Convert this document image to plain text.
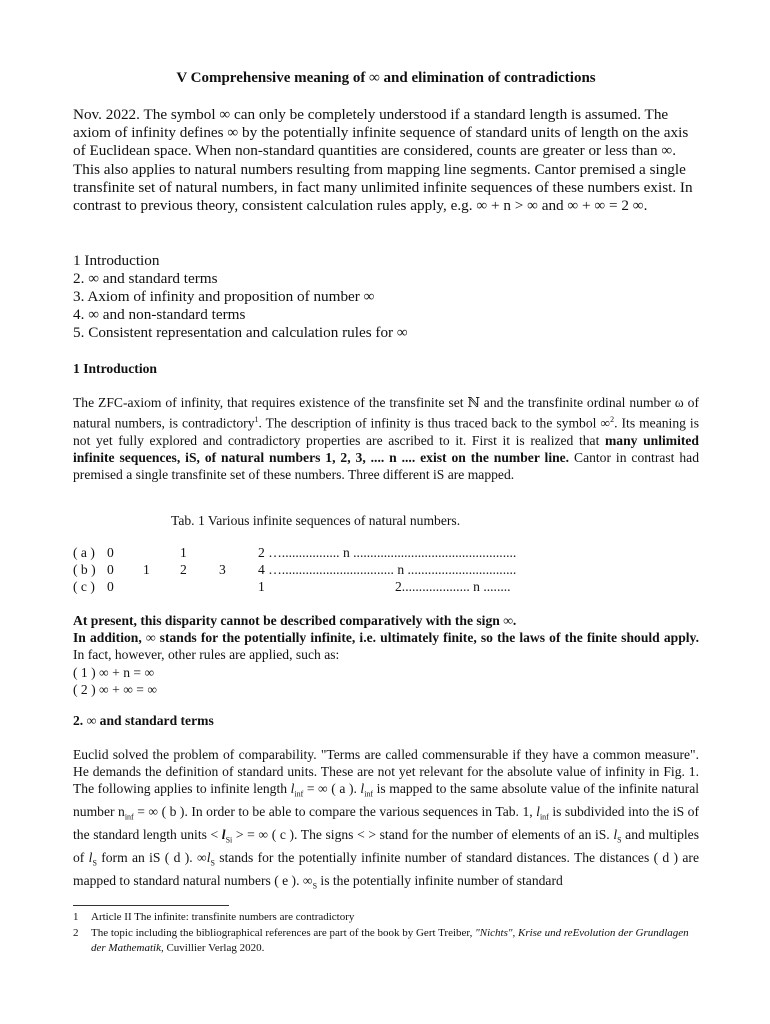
V Comprehensive meaning of ∞ and elimination of contradictions
Nov. 2022. The symbol ∞ can only be completely understood if a standard length is assumed. The axiom of infinity defines ∞ by the potentially infinite sequence of standard units of length on the axis of Euclidean space. When non-standard quantities are considered, counts are greater or less than ∞. This also applies to natural numbers resulting from mapping line segments. Cantor premised a single transfinite set of natural numbers, in fact many unlimited infinite sequences of these numbers exist. In contrast to previous theory, consistent calculation rules apply, e.g. ∞ + n > ∞ and ∞ + ∞ = 2 ∞.
1 Introduction
2. ∞ and standard terms
3. Axiom of infinity and proposition of number ∞
4. ∞ and non-standard terms
5. Consistent representation and calculation rules for ∞
1 Introduction
The ZFC-axiom of infinity, that requires existence of the transfinite set ℕ and the transfinite ordinal number ω of natural numbers, is contradictory$^1$. The description of infinity is thus traced back to the symbol ∞$^2$. Its meaning is not yet fully explored and contradictory properties are ascribed to it. First it is realized that many unlimited infinite sequences, iS, of natural numbers 1, 2, 3, .... n .... exist on the number line. Cantor in contrast had premised a single transfinite set of these numbers. Three different iS are mapped.
Tab. 1 Various infinite sequences of natural numbers.
( a ) 0	1	2 …................. n ................................................
( b ) 0 1 2 3 4 …................................. n ................................
( c ) 0	1	2.................... n ........
At present, this disparity cannot be described comparatively with the sign ∞.
In addition, ∞ stands for the potentially infinite, i.e. ultimately finite, so the laws of the finite should apply. In fact, however, other rules are applied, such as:
( 1 ) ∞ + n = ∞
( 2 ) ∞ + ∞ = ∞
2. ∞ and standard terms
Euclid solved the problem of comparability. "Terms are called commensurable if they have a common measure". He demands the definition of standard units. These are not yet relevant for the absolute value of infinity in Fig. 1. The following applies to infinite length $l_{inf}$ = ∞ ( a ). $l_{inf}$ is mapped to the same absolute value of the infinite natural number $n_{inf}$ = ∞ ( b ). In order to be able to compare the various sequences in Tab. 1, $l_{inf}$ is subdivided into the iS of the standard length units < $l_{Si}$ > = ∞ ( c ). The signs < > stand for the number of elements of an iS. $l_S$ and multiples of $l_S$ form an iS ( d ). $\infty l_S$ stands for the potentially infinite number of standard distances. The distances ( d ) are mapped to standard natural numbers ( e ). $\infty_S$ is the potentially infinite number of standard
1 Article II The infinite: transfinite numbers are contradictory
2 The topic including the bibliographical references are part of the book by Gert Treiber, "Nichts", Krise und reEvolution der Grundlagen der Mathematik, Cuvillier Verlag 2020.
